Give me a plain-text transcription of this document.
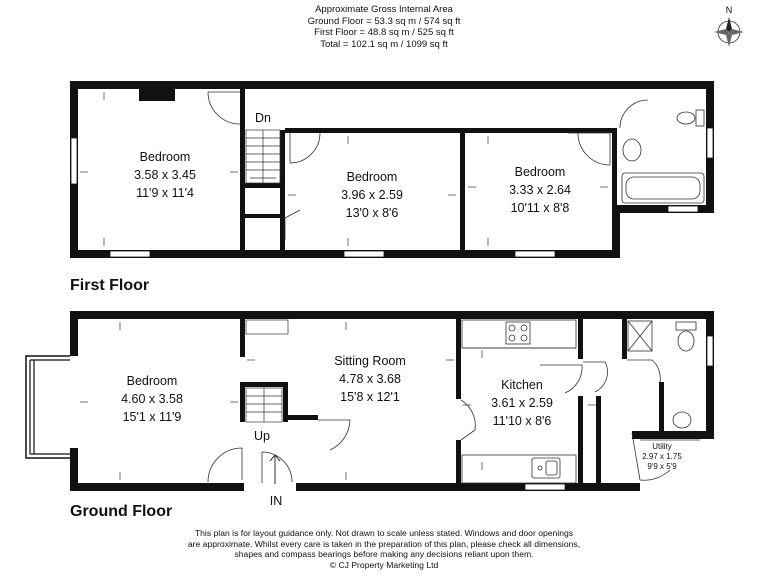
Approximate Gross Internal Area
Ground Floor = 53.3 sq m / 574 sq ft
First Floor = 48.8 sq m / 525 sq ft
Total = 102.1 sq m / 1099 sq ft
N
Bedroom
3.58 x 3.45
11'9 x 11'4
Bedroom
3.96 x 2.59
13'0 x 8'6
Bedroom
3.33 x 2.64
10'11 x 8'8
Dn
Bedroom
4.60 x 3.58
15'1 x 11'9
Sitting Room
4.78 x 3.68
15'8 x 12'1
Kitchen
3.61 x 2.59
11'10 x 8'6
Up
IN
Utility
2.97 x 1.75
9'9 x 5'9
First Floor
Ground Floor
This plan is for layout guidance only. Not drawn to scale unless stated. Windows and door openings
are approximate. Whilst every care is taken in the preparation of this plan, please check all dimensions,
shapes and compass bearings before making any decisions reliant upon them.
© CJ Property Marketing Ltd
